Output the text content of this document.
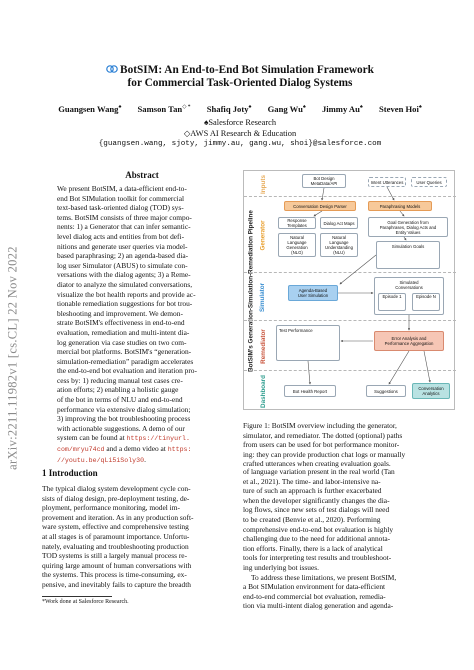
arXiv:2211.11982v1 [cs.CL] 22 Nov 2022
BotSIM: An End-to-End Bot Simulation Framework
for Commercial Task-Oriented Dialog Systems
Guangsen Wang♠ Samson Tan◇ * Shafiq Joty♠ Gang Wu♠ Jimmy Au♠ Steven Hoi♠
♠Salesforce Research
◇AWS AI Research & Education
{guangsen.wang, sjoty, jimmy.au, gang.wu, shoi}@salesforce.com
Abstract
We present BotSIM, a data-efficient end-to-
end Bot SIMulation toolkit for commercial
text-based task-oriented dialog (TOD) sys-
tems. BotSIM consists of three major compo-
nents: 1) a Generator that can infer semantic-
level dialog acts and entities from bot defi-
nitions and generate user queries via model-
based paraphrasing; 2) an agenda-based dia-
log user Simulator (ABUS) to simulate con-
versations with the dialog agents; 3) a Reme-
diator to analyze the simulated conversations,
visualize the bot health reports and provide ac-
tionable remediation suggestions for bot trou-
bleshooting and improvement. We demon-
strate BotSIM's effectiveness in end-to-end
evaluation, remediation and multi-intent dia-
log generation via case studies on two com-
mercial bot platforms. BotSIM's “generation-
simulation-remediation” paradigm accelerates
the end-to-end bot evaluation and iteration pro-
cess by: 1) reducing manual test cases cre-
ation efforts; 2) enabling a holistic gauge
of the bot in terms of NLU and end-to-end
performance via extensive dialog simulation;
3) improving the bot troubleshooting process
with actionable suggestions. A demo of our
system can be found at https://tinyurl.
com/mryu74cd and a demo video at https:
//youtu.be/qLi5iSoly30.
1 Introduction
The typical dialog system development cycle con-
sists of dialog design, pre-deployment testing, de-
ployment, performance monitoring, model im-
provement and iteration. As in any production soft-
ware system, effective and comprehensive testing
at all stages is of paramount importance. Unfortu-
nately, evaluating and troubleshooting production
TOD systems is still a largely manual process re-
quiring large amount of human conversations with
the systems. This process is time-consuming, ex-
pensive, and inevitably fails to capture the breadth
*Work done at Salesforce Research.
BotSIM's Generation-Simulation-Remediation Pipeline
Inputs
Generator
Simulator
Remediator
Dashboard
Bot Design
MetaData/API	Intent Utterances	User Queries
Conversation Design Parser	Paraphrasing Models
Response
Templates	Dialog Act Maps
Natural
Language
Generation
(NLG)
Natural
Language
Understanding
(NLU)
Goal Generation from
Paraphrases, Dialog Acts and
Entity Values
Simulation Goals
Agenda-Based
User Simulation
Simulated
Conversations
Episode 1	Episode N
Test Performance
Error Analysis and
Performance Aggregation
Bot Health Report	Suggestions	Conversation
Analytics
Figure 1: BotSIM overview including the generator,
simulator, and remediator. The dotted (optional) paths
from users can be used for bot performance monitor-
ing: they can provide production chat logs or manually
crafted utterances when creating evaluation goals.
of language variation present in the real world (Tan
et al., 2021). The time- and labor-intensive na-
ture of such an approach is further exacerbated
when the developer significantly changes the dia-
log flows, since new sets of test dialogs will need
to be created (Benvie et al., 2020). Performing
comprehensive end-to-end bot evaluation is highly
challenging due to the need for additional annota-
tion efforts. Finally, there is a lack of analytical
tools for interpreting test results and troubleshoot-
ing underlying bot issues.
To address these limitations, we present BotSIM,
a Bot SIMulation environment for data-efficient
end-to-end commercial bot evaluation, remedia-
tion via multi-intent dialog generation and agenda-
